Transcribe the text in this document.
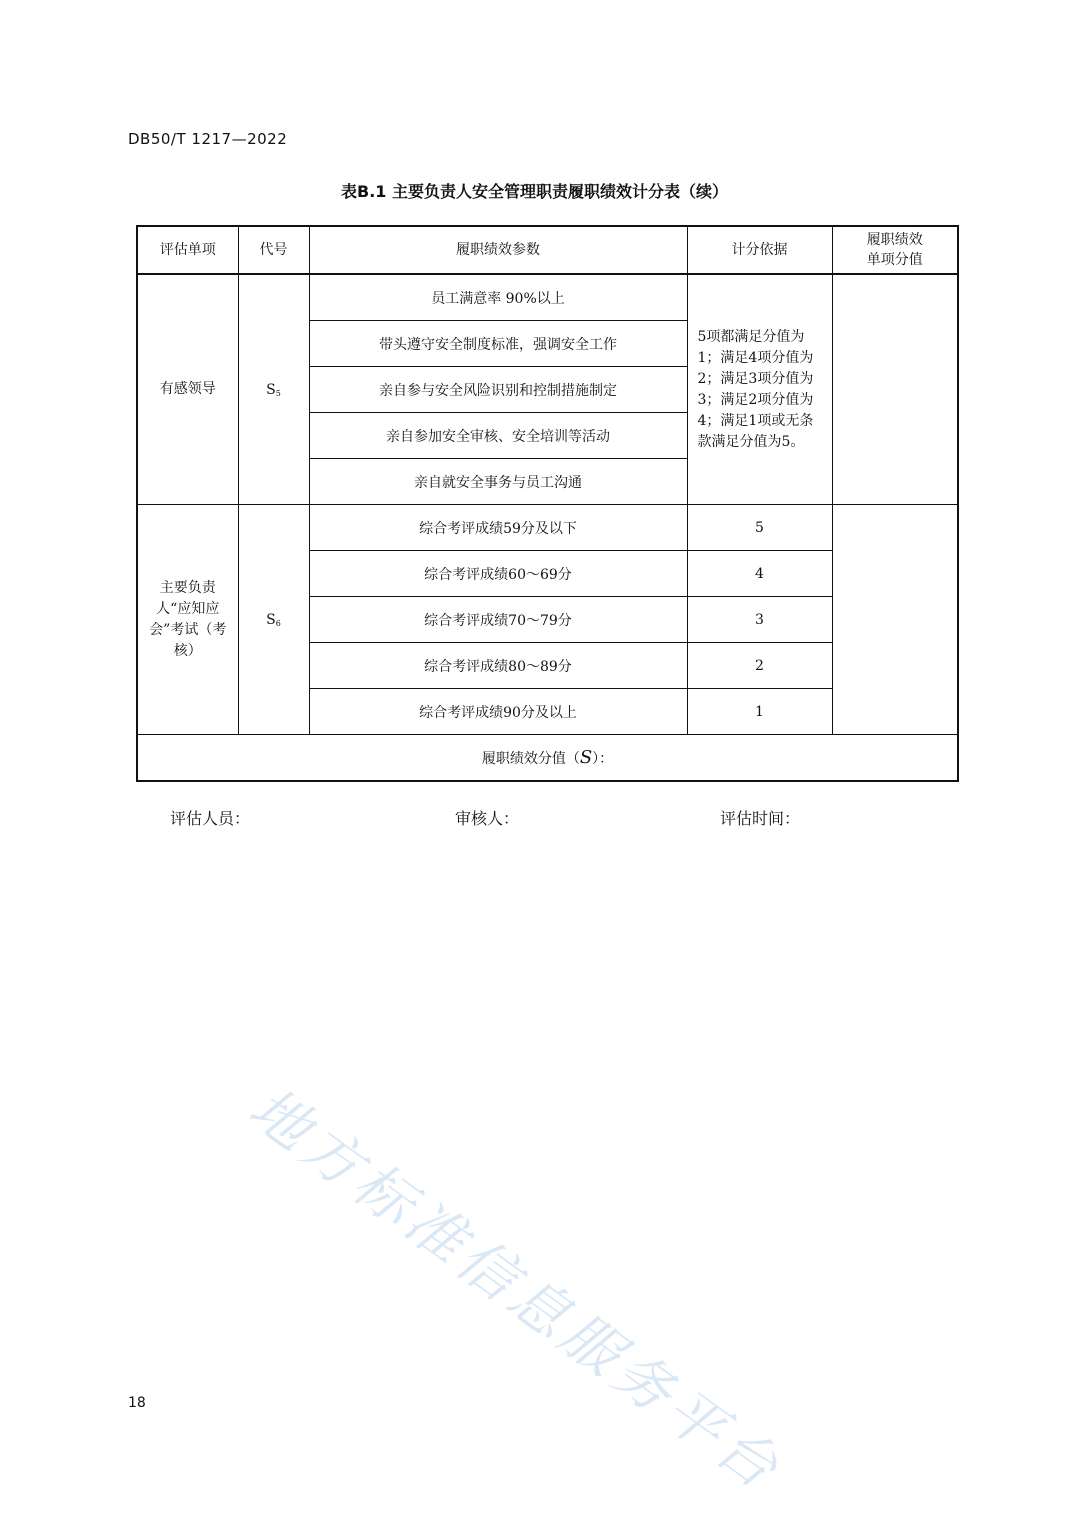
DB50/T 1217—2022
表B.1 主要负责人安全管理职责履职绩效计分表（续）
评估单项	代号	履职绩效参数	计分依据	履职绩效
单项分值
有感领导	S5	员工满意率 90%以上	5项都满足分值为1；满足4项分值为2；满足3项分值为3；满足2项分值为4；满足1项或无条款满足分值为5。	
		带头遵守安全制度标准，强调安全工作		
		亲自参与安全风险识别和控制措施制定		
		亲自参加安全审核、安全培训等活动		
		亲自就安全事务与员工沟通		
主要负责人“应知应会”考试（考核）	S6	综合考评成绩59分及以下	5	
		综合考评成绩60～69分	4	
		综合考评成绩70～79分	3	
		综合考评成绩80～89分	2	
		综合考评成绩90分及以上	1	
履职绩效分值（S）：				
评估人员：	审核人：	评估时间：
地方标准信息服务平台
18
